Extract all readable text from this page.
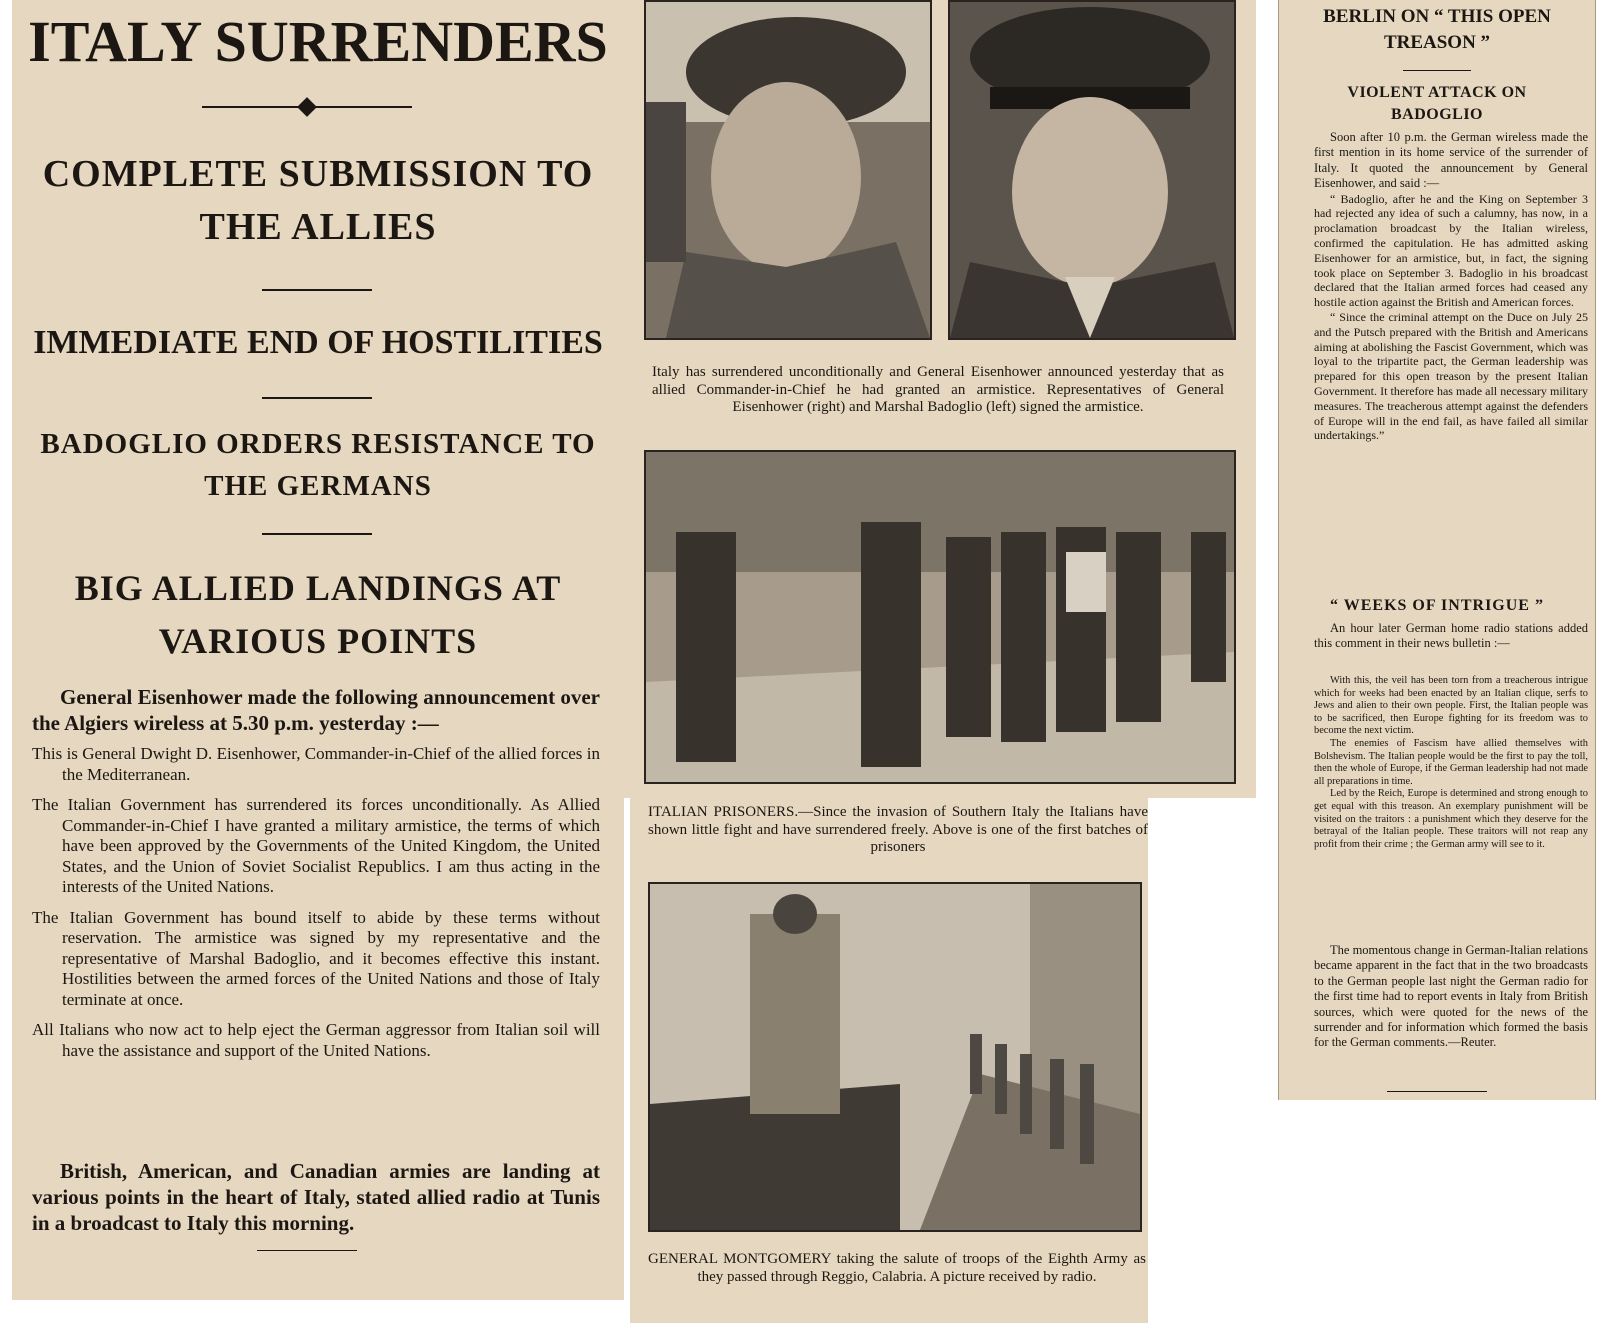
ITALY SURRENDERS
COMPLETE SUBMISSION TO
THE ALLIES
IMMEDIATE END OF HOSTILITIES
BADOGLIO ORDERS RESISTANCE TO
THE GERMANS
BIG ALLIED LANDINGS AT
VARIOUS POINTS

General Eisenhower made the following announcement over the Algiers wireless at 5.30 p.m. yesterday :—

This is General Dwight D. Eisenhower, Commander-in-Chief of the allied forces in the Mediterranean.

The Italian Government has surrendered its forces unconditionally. As Allied Commander-in-Chief I have granted a military armistice, the terms of which have been approved by the Governments of the United Kingdom, the United States, and the Union of Soviet Socialist Republics. I am thus acting in the interests of the United Nations.

The Italian Government has bound itself to abide by these terms without reservation. The armistice was signed by my representative and the representative of Marshal Badoglio, and it becomes effective this instant. Hostilities between the armed forces of the United Nations and those of Italy terminate at once.

All Italians who now act to help eject the German aggressor from Italian soil will have the assistance and support of the United Nations.

British, American, and Canadian armies are landing at various points in the heart of Italy, stated allied radio at Tunis in a broadcast to Italy this morning.

Italy has surrendered unconditionally and General Eisenhower announced yesterday that as allied Commander-in-Chief he had granted an armistice. Representatives of General Eisenhower (right) and Marshal Badoglio (left) signed the armistice.

ITALIAN PRISONERS.—Since the invasion of Southern Italy the Italians have shown little fight and have surrendered freely. Above is one of the first batches of prisoners

GENERAL MONTGOMERY taking the salute of troops of the Eighth Army as they passed through Reggio, Calabria. A picture received by radio.

BERLIN ON “ THIS OPEN
TREASON ”
VIOLENT ATTACK ON
BADOGLIO

Soon after 10 p.m. the German wireless made the first mention in its home service of the surrender of Italy. It quoted the announcement by General Eisenhower, and said :—

“ Badoglio, after he and the King on September 3 had rejected any idea of such a calumny, has now, in a proclamation broadcast by the Italian wireless, confirmed the capitulation. He has admitted asking Eisenhower for an armistice, but, in fact, the signing took place on September 3. Badoglio in his broadcast declared that the Italian armed forces had ceased any hostile action against the British and American forces.

“ Since the criminal attempt on the Duce on July 25 and the Putsch prepared with the British and Americans aiming at abolishing the Fascist Government, which was loyal to the tripartite pact, the German leadership was prepared for this open treason by the present Italian Government. It therefore has made all necessary military measures. The treacherous attempt against the defenders of Europe will in the end fail, as have failed all similar undertakings.”

“ WEEKS OF INTRIGUE ”

An hour later German home radio stations added this comment in their news bulletin :—

With this, the veil has been torn from a treacherous intrigue which for weeks had been enacted by an Italian clique, serfs to Jews and alien to their own people. First, the Italian people was to be sacrificed, then Europe fighting for its freedom was to become the next victim.

The enemies of Fascism have allied themselves with Bolshevism. The Italian people would be the first to pay the toll, then the whole of Europe, if the German leadership had not made all preparations in time.

Led by the Reich, Europe is determined and strong enough to get equal with this treason. An exemplary punishment will be visited on the traitors : a punishment which they deserve for the betrayal of the Italian people. These traitors will not reap any profit from their crime ; the German army will see to it.

The momentous change in German-Italian relations became apparent in the fact that in the two broadcasts to the German people last night the German radio for the first time had to report events in Italy from British sources, which were quoted for the news of the surrender and for information which formed the basis for the German comments.—Reuter.
